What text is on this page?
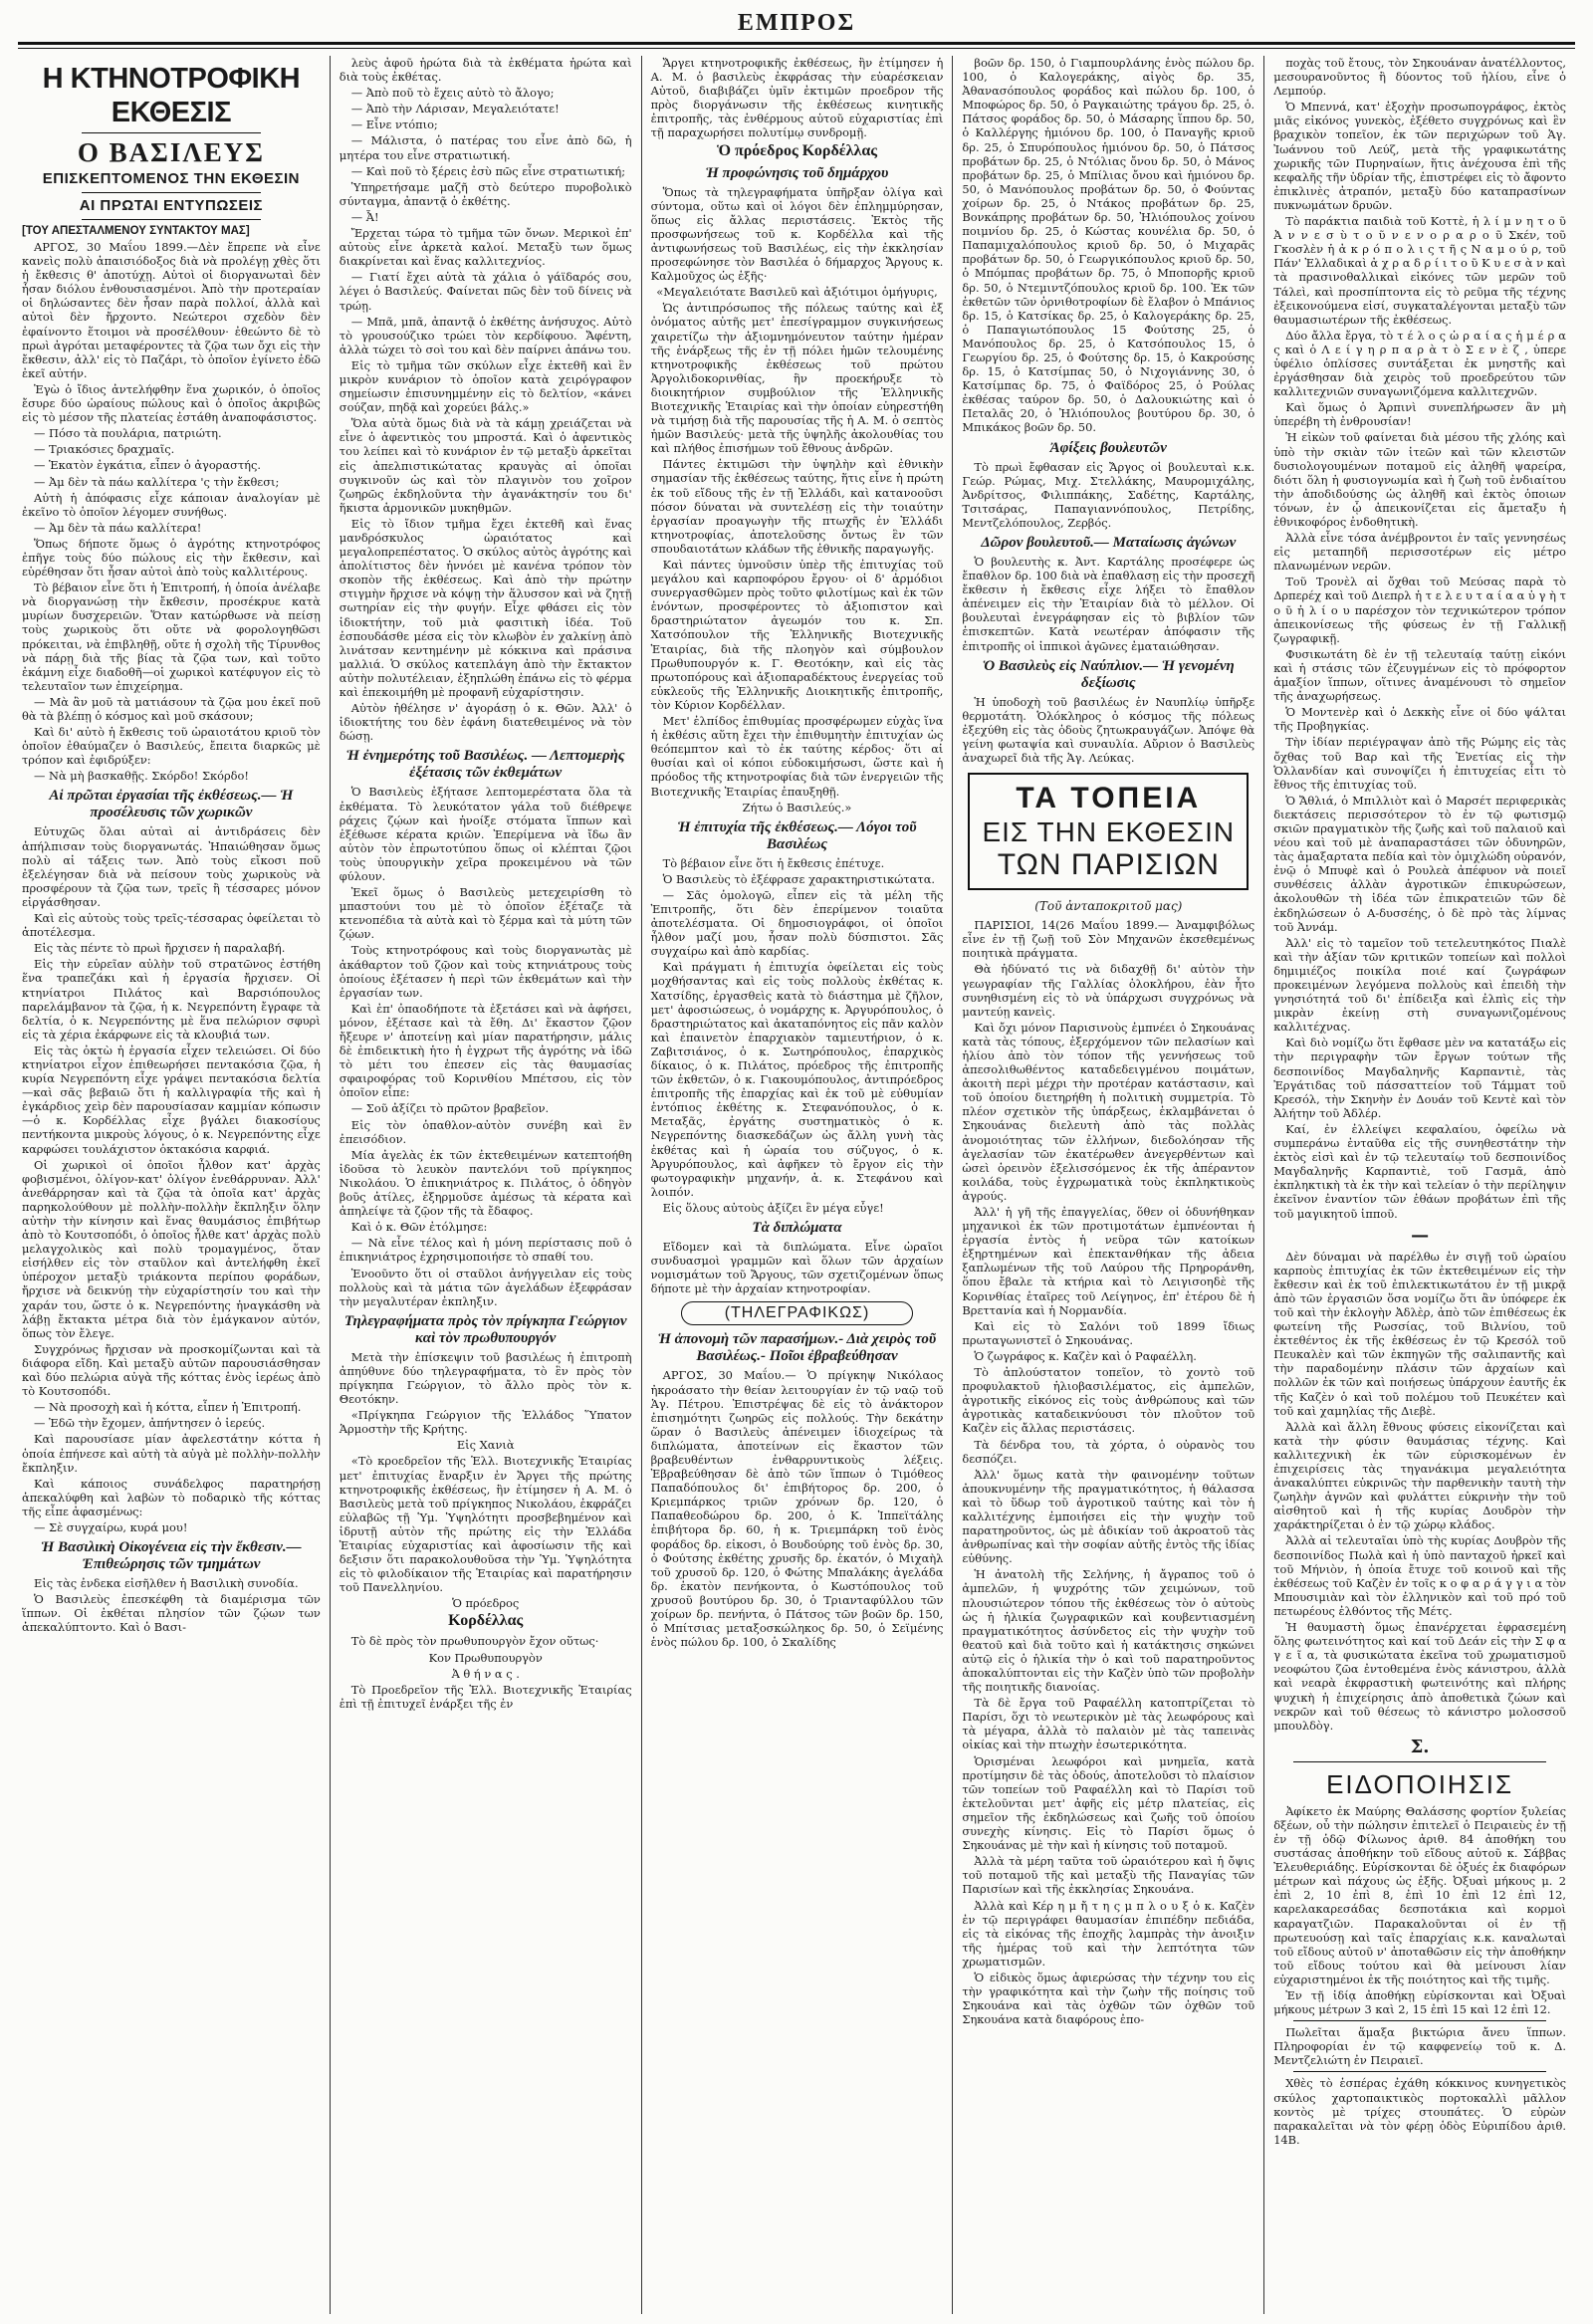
ΕΜΠΡΟΣ
Η ΚΤΗΝΟΤΡΟΦΙΚΗ ΕΚΘΕΣΙΣ
Ο ΒΑΣΙΛΕΥΣ
ΕΠΙΣΚΕΠΤΟΜΕΝΟΣ ΤΗΝ ΕΚΘΕΣΙΝ
ΑΙ ΠΡΩΤΑΙ ΕΝΤΥΠΩΣΕΙΣ
[ΤΟΥ ΑΠΕΣΤΑΛΜΕΝΟΥ ΣΥΝΤΑΚΤΟΥ ΜΑΣ]

ΑΡΓΟΣ, 30 Μαΐου 1899.—Δὲν ἔπρεπε νὰ εἶνε κανεὶς πολὺ ἀπαισιόδοξος διὰ νὰ προλέγῃ χθὲς ὅτι ἡ ἔκθεσις θ' ἀποτύχῃ. Αὐτοὶ οἱ διοργανωταὶ δὲν ἦσαν διόλου ἐνθουσιασμένοι. Ἀπὸ τὴν προτεραίαν οἱ δηλώσαντες δὲν ἦσαν παρὰ πολλοί, ἀλλὰ καὶ αὐτοὶ δὲν ἤρχοντο. Νεώτεροι σχεδὸν δὲν ἐφαίνοντο ἕτοιμοι νὰ προσέλθουν· ἐθεώντο δὲ τὸ πρωὶ ἀγρόται μεταφέροντες τὰ ζῷα των ὄχι εἰς τὴν ἔκθεσιν, ἀλλ' εἰς τὸ Παζάρι, τὸ ὁποῖον ἐγίνετο ἐδῶ ἐκεῖ αὐτήν.

Ἐγὼ ὁ ἴδιος ἀντελήφθην ἕνα χωρικόν, ὁ ὁποῖος ἔσυρε δύο ὡραίους πώλους καὶ ὁ ὁποῖος ἀκριβῶς εἰς τὸ μέσον τῆς πλατείας ἐστάθη ἀναποφάσιστος.

— Πόσο τὰ πουλάρια, πατριώτη.

— Τριακόσιες δραχμαῖς.

— Ἑκατὸν ἐγκάτια, εἶπεν ὁ ἀγοραστής.

— Ἀμ δὲν τὰ πάω καλλίτερα 'ς τὴν ἔκθεσι;

Αὐτὴ ἡ ἀπόφασις εἶχε κάποιαν ἀναλογίαν μὲ ἐκεῖνο τὸ ὁποῖον λέγομεν συνήθως.

— Ἀμ δὲν τὰ πάω καλλίτερα!

Ὅπως δήποτε ὅμως ὁ ἀγρότης κτηνοτρόφος ἐπῆγε τοὺς δύο πώλους εἰς τὴν ἔκθεσιν, καὶ εὑρέθησαν ὅτι ἦσαν αὐτοὶ ἀπὸ τοὺς καλλιτέρους.

Τὸ βέβαιον εἶνε ὅτι ἡ Ἐπιτροπή, ἡ ὁποία ἀνέλαβε νὰ διοργανώσῃ τὴν ἔκθεσιν, προσέκρυε κατὰ μυρίων δυσχερειῶν. Ὅταν κατώρθωσε νὰ πείσῃ τοὺς χωρικοὺς ὅτι οὔτε νὰ φορολογηθῶσι πρόκειται, νὰ ἐπιβληθῇ, οὔτε ἡ σχολὴ τῆς Τίρυνθος νὰ πάρῃ διὰ τῆς βίας τὰ ζῷα των, καὶ τοῦτο ἐκάμνη εἶχε διαδοθῆ—οἱ χωρικοὶ κατέφυγον εἰς τὸ τελευταῖον των ἐπιχείρημα.

— Μὰ ἂν μοῦ τὰ ματιάσουν τὰ ζῷα μου ἐκεῖ ποῦ θὰ τὰ βλέπῃ ὁ κόσμος καὶ μοῦ σκάσουν;

Καὶ δι' αὐτὸ ἡ ἔκθεσις τοῦ ὡραιοτάτου κριοῦ τὸν ὁποῖον ἐθαύμαζεν ὁ Βασιλεύς, ἔπειτα διαρκῶς μὲ τρόπον καὶ ἐφιδρύξεν:

— Νὰ μὴ βασκαθῇς. Σκόρδο! Σκόρδο!

Αἱ πρῶται ἐργασίαι τῆς ἐκθέσεως.— Ἡ προσέλευσις τῶν χωρικῶν

Εὐτυχῶς ὅλαι αὐταὶ αἱ ἀντιδράσεις δὲν ἀπήλπισαν τοὺς διοργανωτάς. Ἠπαιώθησαν ὅμως πολὺ αἱ τάξεις των. Ἀπὸ τοὺς εἴκοσι ποῦ ἐξελέγησαν διὰ νὰ πείσουν τοὺς χωρικοὺς νὰ προσφέρουν τὰ ζῷα των, τρεῖς ἢ τέσσαρες μόνον εἰργάσθησαν.

Καὶ εἰς αὐτοὺς τοὺς τρεῖς-τέσσαρας ὀφείλεται τὸ ἀποτέλεσμα.

Εἰς τὰς πέντε τὸ πρωὶ ἤρχισεν ἡ παραλαβή.

Εἰς τὴν εὐρεῖαν αὐλὴν τοῦ στρατῶνος ἐστήθη ἕνα τραπεζάκι καὶ ἡ ἐργασία ἤρχισεν. Οἱ κτηνίατροι Πιλάτος καὶ Βαρσιόπουλος παρελάμβανον τὰ ζῷα, ἡ κ. Νεγρεπόντη ἔγραφε τὰ δελτία, ὁ κ. Νεγρεπόντης μὲ ἕνα πελώριον σφυρὶ εἰς τὰ χέρια ἐκάρφωνε εἰς τὰ κλουβιά των.

Εἰς τὰς ὀκτὼ ἡ ἐργασία εἶχεν τελειώσει. Οἱ δύο κτηνίατροι εἶχον ἐπιθεωρήσει πεντακόσια ζῷα, ἡ κυρία Νεγρεπόντη εἶχε γράψει πεντακόσια δελτία—καὶ σᾶς βεβαιῶ ὅτι ἡ καλλιγραφία τῆς καὶ ἡ ἐγκάρδιος χεὶρ δὲν παρουσίασαν καμμίαν κόπωσιν—ὁ κ. Κορδέλλας εἶχε βγάλει διακοσίους πεντήκοντα μικροὺς λόγους, ὁ κ. Νεγρεπόντης εἶχε καρφώσει τουλάχιστον ὀκτακόσια καρφιά.

Οἱ χωρικοὶ οἱ ὁποῖοι ἦλθον κατ' ἀρχὰς φοβισμένοι, ὀλίγον-κατ' ὀλίγον ἐνεθάρρυναν. Ἀλλ' ἀνεθάρρησαν καὶ τὰ ζῷα τὰ ὁποῖα κατ' ἀρχὰς παρηκολούθουν μὲ πολλὴν-πολλὴν ἔκπληξιν ὅλην αὐτὴν τὴν κίνησιν καὶ ἕνας θαυμάσιος ἐπιβήτωρ ἀπὸ τὸ Κουτσοπόδι, ὁ ὁποῖος ἦλθε κατ' ἀρχὰς πολὺ μελαγχολικὸς καὶ πολὺ τρομαγμένος, ὅταν εἰσήλθεν εἰς τὸν σταῦλον καὶ ἀντελήφθη ἐκεῖ ὑπέροχον μεταξὺ τριάκοντα περίπου φοράδων, ἤρχισε νὰ δεικνύῃ τὴν εὐχαρίστησίν του καὶ τὴν χαράν του, ὥστε ὁ κ. Νεγρεπόντης ἠναγκάσθη νὰ λάβῃ ἔκτακτα μέτρα διὰ τὸν ἐμάγκανον αὐτόν, ὅπως τὸν ἔλεγε.

Συγχρόνως ἤρχισαν νὰ προσκομίζωνται καὶ τὰ διάφορα εἴδη. Καὶ μεταξὺ αὐτῶν παρουσιάσθησαν καὶ δύο πελώρια αὐγὰ τῆς κόττας ἑνὸς ἱερέως ἀπὸ τὸ Κουτσοπόδι.

— Νὰ προσοχὴ καὶ ἡ κόττα, εἶπεν ἡ Ἐπιτροπή.

— Ἐδῶ τὴν ἔχομεν, ἀπήντησεν ὁ ἱερεύς.

Καὶ παρουσίασε μίαν ἀφελεστάτην κόττα ἡ ὁποία ἐπήνεσε καὶ αὐτὴ τὰ αὐγὰ μὲ πολλὴν-πολλὴν ἔκπληξιν.

Καὶ κάποιος συνάδελφος παρατηρήσῃ ἀπεκαλύφθη καὶ λαβὼν τὸ ποδαρικὸ τῆς κόττας τῆς εἶπε ἀφασμένως:

— Σὲ συγχαίρω, κυρά μου!

Ἡ Βασιλικὴ Οἰκογένεια εἰς τὴν ἔκθεσιν.— Ἐπιθεώρησις τῶν τμημάτων

Εἰς τὰς ἐνδεκα εἰσῆλθεν ἡ Βασιλικὴ συνοδία.

Ὁ Βασιλεὺς ἐπεσκέφθη τὰ διαμέρισμα τῶν ἵππων. Οἱ ἐκθέται πλησίον τῶν ζῴων των ἀπεκαλύπτοντο. Καὶ ὁ Βασι-

λεὺς ἀφοῦ ἠρώτα διὰ τὰ ἐκθέματα ἠρώτα καὶ διὰ τοὺς ἐκθέτας.

— Ἀπὸ ποῦ τὸ ἔχεις αὐτὸ τὸ ἄλογο;

— Ἀπὸ τὴν Λάρισαν, Μεγαλειότατε!

— Εἶνε ντόπιο;

— Μάλιστα, ὁ πατέρας του εἶνε ἀπὸ δῶ, ἡ μητέρα του εἶνε στρατιωτική.

— Καὶ ποῦ τὸ ξέρεις ἐσὺ πῶς εἶνε στρατιωτική;

Ὑπηρετήσαμε μαζῆ στὸ δεύτερο πυροβολικὸ σύνταγμα, ἀπαντᾷ ὁ ἐκθέτης.

— Ἆ!

Ἔρχεται τώρα τὸ τμῆμα τῶν ὄνων. Μερικοὶ ἐπ' αὐτοὺς εἶνε ἀρκετὰ καλοί. Μεταξὺ των ὅμως διακρίνεται καὶ ἕνας καλλιτεχνίος.

— Γιατί ἔχει αὐτὰ τὰ χάλια ὁ γάϊδαρός σου, λέγει ὁ Βασιλεύς. Φαίνεται πῶς δὲν τοῦ δίνεις νὰ τρώῃ.

— Μπᾶ, μπᾶ, ἀπαντᾷ ὁ ἐκθέτης ἀνήσυχος. Αὐτὸ τὸ γρουσούζικο τρώει τὸν κερδίφουο. Ἄφέντη, ἀλλὰ τώχει τὸ σοὶ του καὶ δὲν παίρνει ἀπάνω του.

Εἰς τὸ τμῆμα τῶν σκύλων εἶχε ἐκτεθῆ καὶ ἓν μικρὸν κυνάριον τὸ ὁποῖον κατὰ χειρόγραφον σημείωσιν ἐπισυνημμένην εἰς τὸ δελτίον, «κάνει σούζαν, πηδᾷ καὶ χορεύει βάλς.»

Ὅλα αὐτὰ ὅμως διὰ νὰ τὰ κάμῃ χρειάζεται νὰ εἶνε ὁ ἀφεντικὸς του μπροστά. Καὶ ὁ ἀφεντικὸς του λείπει καὶ τὸ κυνάριον ἐν τῷ μεταξὺ ἀρκεῖται εἰς ἀπελπιστικώτατας κραυγὰς αἱ ὁποῖαι συγκινοῦν ὡς καὶ τὸν πλαγινὸν του χοῖρον ζωηρῶς ἐκδηλοῦντα τὴν ἀγανάκτησίν του δι' ἥκιστα ἁρμονικῶν μυκηθμῶν.

Εἰς τὸ ἴδιον τμῆμα ἔχει ἐκτεθῆ καὶ ἕνας μανδρόσκυλος ὡραιότατος καὶ μεγαλοπρεπέστατος. Ὁ σκύλος αὐτὸς ἀγρότης καὶ ἀπολίτιστος δὲν ἠννόει μὲ κανένα τρόπον τὸν σκοπὸν τῆς ἐκθέσεως. Καὶ ἀπὸ τὴν πρώτην στιγμὴν ἤρχισε νὰ κόψῃ τὴν ἅλυσσον καὶ νὰ ζητῇ σωτηρίαν εἰς τὴν φυγήν. Εἶχε φθάσει εἰς τὸν ἰδιοκτήτην, τοῦ μιὰ φασιτικὴ ἰδέα. Τοῦ ἐσπουδάσθε μέσα εἰς τὸν κλωβὸν ἐν χαλκίνῃ ἀπὸ λινάτσαν κεντημένην μὲ κόκκινα καὶ πράσινα μαλλιά. Ὁ σκύλος κατεπλάγη ἀπὸ τὴν ἔκτακτον αὐτὴν πολυτέλειαν, ἐξηπλώθη ἐπάνω εἰς τὸ φέρμα καὶ ἐπεκοιμήθη μὲ προφανῆ εὐχαρίστησιν.

Αὐτὸν ἠθέλησε ν' ἀγοράσῃ ὁ κ. Θῶν. Ἀλλ' ὁ ἰδιοκτήτης του δὲν ἐφάνη διατεθειμένος νὰ τὸν δώσῃ.

Ἡ ἐνημερότης τοῦ Βασιλέως. — Λεπτομερὴς ἐξέτασις τῶν ἐκθεμάτων

Ὁ Βασιλεὺς ἐξήτασε λεπτομερέστατα ὅλα τὰ ἐκθέματα. Τὸ λευκότατον γάλα τοῦ διέθρεψε ράχεις ζῴων καὶ ἠνοίξε στόματα ἵππων καὶ ἐξέθωσε κέρατα κριῶν. Ἐπερίμενα νὰ ἴδω ἂν αὐτὸν τὸν ἐπρωτοτύπου ὅπως οἱ κλέπται ζῷοι τοὺς ὑπουργικὴν χεῖρα προκειμένου νὰ τῶν φύλουν.

Ἐκεῖ ὅμως ὁ Βασιλεὺς μετεχειρίσθη τὸ μπαστούνι του μὲ τὸ ὁποῖον ἐξέταζε τὰ κτενοπέδια τὰ αὐτὰ καὶ τὸ ξέρμα καὶ τὰ μύτη τῶν ζῴων.

Τοὺς κτηνοτρόφους καὶ τοὺς διοργανωτὰς μὲ ἀκάθαρτον τοῦ ζῷον καὶ τοὺς κτηνιάτρους τοὺς ὁποίους ἐξέτασεν ἡ περὶ τῶν ἐκθεμάτων καὶ τὴν ἐργασίαν των.

Καὶ ἐπ' ὀπαοδήποτε τὰ ἐξετάσει καὶ νὰ ἀφήσει, μόνον, ἐξέτασε καὶ τὰ ἔθη. Δι' ἕκαστον ζῷον ἤξευρε ν' ἀποτείνῃ καὶ μίαν παρατήρησιν, μάλις δὲ ἐπιδεικτικὴ ἡτο ἡ ἐγχρωτ τῆς ἀγρότης νὰ ἰδῶ τὸ μέτι του ἐπεσεν εἰς τὰς θαυμασίας σφαιροφόρας τοῦ Κορινθίου Μπέτσου, εἰς τὸν ὁποῖον εἶπε:

— Σοῦ ἀξίζει τὸ πρῶτον βραβεῖον.

Εἰς τὸν ὁπαθλον-αὐτὸν συνέβη καὶ ἓν ἐπεισόδιον.

Μία ἀγελὰς ἐκ τῶν ἐκτεθειμένων κατεπτοήθη ἰδοῦσα τὸ λευκὸν παντελόνι τοῦ πρίγκηπος Νικολάου. Ὁ ἐπικηνιάτρος κ. Πιλάτος, ὁ ὁδηγὸν βοῦς ἀτίλες, ἐξηρμοῦσε ἀμέσως τὰ κέρατα καὶ ἀπηλείψε τὰ ζῷον τῆς τὰ ἔδαφος.

Καὶ ὁ κ. Θῶν ἐτόλμησε:

— Νὰ εἶνε τέλος καὶ ἡ μόνη περίστασις ποῦ ὁ ἐπικηνιάτρος ἐχρησιμοποιήσε τὸ σπαθί του.

Ἐνοοῦντο ὅτι οἱ σταῦλοι ἀνήγγειλαν εἰς τοὺς πολλοὺς καὶ τὰ μάτια τῶν ἀγελάδων ἐξεφράσαν τὴν μεγαλυτέραν ἐκπληξιν.

Τηλεγραφήματα πρὸς τὸν πρίγκηπα Γεώργιον καὶ τὸν πρωθυπουργόν

Μετὰ τὴν ἐπίσκεψιν τοῦ βασιλέως ἡ ἐπιτροπὴ ἀπηύθυνε δύο τηλεγραφήματα, τὸ ἓν πρὸς τὸν πρίγκηπα Γεώργιον, τὸ ἄλλο πρὸς τὸν κ. Θεοτόκην.

«Πρίγκηπα Γεώργιον τῆς Ἑλλάδος Ὕπατον Ἁρμοστὴν τῆς Κρήτης.

Εἰς Χανιὰ

«Τὸ κροεδρεῖον τῆς Ἑλλ. Βιοτεχνικῆς Ἑταιρίας μετ' ἐπιτυχίας ἔναρξιν ἐν Ἄργει τῆς πρώτης κτηνοτροφικῆς ἐκθέσεως, ἢν ἐτίμησεν ἡ Α. Μ. ὁ Βασιλεὺς μετὰ τοῦ πρίγκηπος Νικολάου, ἐκφράζει εὐλαβῶς τῇ Ὑμ. Ὑψηλότητι προσβεβημένον καὶ ἰδρυτῇ αὐτὸν τῆς πρώτης εἰς τὴν Ἑλλάδα Ἑταιρίας εὐχαριστίας καὶ ἀφοσίωσιν τῆς καὶ δεξισιν ὅτι παρακολουθοῦσα τὴν Ὑμ. Ὑψηλότητα εἰς τὸ φιλοδίκαιον τῆς Ἑταιρίας καὶ παρατήρησιν τοῦ Πανελληνίου.

Ὁ πρόεδρος

Κορδέλλας

Τὸ δὲ πρὸς τὸν πρωθυπουργὸν ἔχον οὕτως·

Κον Πρωθυπουργὸν

Ἀ θ ή ν α ς .

Τὸ Προεδρεῖον τῆς Ἑλλ. Βιοτεχνικῆς Ἑταιρίας ἐπὶ τῇ ἐπιτυχεῖ ἐνάρξει τῆς ἐν

Ἄργει κτηνοτροφικῆς ἐκθέσεως, ἢν ἐτίμησεν ἡ Α. Μ. ὁ βασιλεὺς ἐκφράσας τὴν εὐαρέσκειαν Αὐτοῦ, διαβιβάζει ὑμῖν ἐκτιμῶν προεδρον τῆς πρὸς διοργάνωσιν τῆς ἐκθέσεως κινητικῆς ἐπιτροπῆς, τὰς ἐνθέρμους αὐτοῦ εὐχαριστίας ἐπὶ τῇ παραχωρήσει πολυτίμῳ συνδρομῇ.

Ὁ πρόεδρος Κορδέλλας
Ἡ προφώνησις τοῦ δημάρχου

Ὅπως τὰ τηλεγραφήματα ὑπῆρξαν ὀλίγα καὶ σύντομα, οὕτω καὶ οἱ λόγοι δὲν ἐπλημμύρησαν, ὅπως εἰς ἄλλας περιστάσεις. Ἐκτὸς τῆς προσφωνήσεως τοῦ κ. Κορδέλλα καὶ τῆς ἀντιφωνήσεως τοῦ Βασιλέως, εἰς τὴν ἐκκλησίαν προσεφώνησε τὸν Βασιλέα ὁ δήμαρχος Ἄργους κ. Καλμοῦχος ὡς ἑξῆς·

«Μεγαλειότατε Βασιλεῦ καὶ ἀξιότιμοι ὁμήγυρις,

Ὡς ἀντιπρόσωπος τῆς πόλεως ταύτης καὶ ἐξ ὀνόματος αὐτῆς μετ' ἐπεσίγραμμον συγκινήσεως χαιρετίζω τὴν ἀξιομνημόνευτον ταύτην ἡμέραν τῆς ἐνάρξεως τῆς ἐν τῇ πόλει ἡμῶν τελουμένης κτηνοτροφικῆς ἐκθέσεως τοῦ πρώτου Ἀργολιδοκορινθίας, ἣν προεκήρυξε τὸ διοικητήριον συμβούλιον τῆς Ἑλληνικῆς Βιοτεχνικῆς Ἑταιρίας καὶ τὴν ὁποίαν εὐηρεστήθη νὰ τιμήσῃ διὰ τῆς παρουσίας τῆς ἡ Α. Μ. ὁ σεπτὸς ἡμῶν Βασιλεύς· μετὰ τῆς ὑψηλῆς ἀκολουθίας του καὶ πλήθος ἐπισήμων τοῦ ἔθνους ἀνδρῶν.

Πάντες ἐκτιμῶσι τὴν ὑψηλὴν καὶ ἐθνικὴν σημασίαν τῆς ἐκθέσεως ταύτης, ἥτις εἶνε ἡ πρώτη ἐκ τοῦ εἴδους τῆς ἐν τῇ Ἑλλάδι, καὶ κατανοοῦσι πόσον δύναται νὰ συντελέσῃ εἰς τὴν τοιαύτην ἐργασίαν προαγωγὴν τῆς πτωχῆς ἐν Ἑλλάδι κτηνοτροφίας, ἀποτελοῦσης ὄντως ἓν τῶν σπουδαιοτάτων κλάδων τῆς ἐθνικῆς παραγωγῆς.

Καὶ πάντες ὑμνοῦσιν ὑπὲρ τῆς ἐπιτυχίας τοῦ μεγάλου καὶ καρποφόρου ἔργου· οἱ δ' ἀρμόδιοι συνεργασθῶμεν πρὸς τοῦτο φιλοτίμως καὶ ἐκ τῶν ἐνόντων, προσφέροντες τὸ ἀξιοπιστον καὶ δραστηριώτατον ἀγεωμόν του κ. Σπ. Χατσόπουλον τῆς Ἑλληνικῆς Βιοτεχνικῆς Ἑταιρίας, διὰ τῆς πλοηγὸν καὶ σύμβουλον Πρωθυπουργόν κ. Γ. Θεοτόκην, καὶ εἰς τὰς πρωτοπόρους καὶ ἀξιοπαραδέκτους ἐνεργείας τοῦ εὐκλεοῦς τῆς Ἑλληνικῆς Διοικητικῆς ἐπιτροπῆς, τὸν Κύριον Κορδέλλαν.

Μετ' ἐλπίδος ἐπιθυμίας προσφέρωμεν εὐχὰς ἵνα ἡ ἐκθέσις αὕτη ἔχει τὴν ἐπιθυμητὴν ἐπιτυχίαν ὡς θεόπεμπτον καὶ τὸ ἐκ ταύτης κέρδος· ὅτι αἱ θυσίαι καὶ οἱ κόποι εὐδοκιμήσωσι, ὥστε καὶ ἡ πρόοδος τῆς κτηνοτροφίας διὰ τῶν ἐνεργειῶν τῆς Βιοτεχνικῆς Ἑταιρίας ἐπαυξηθῇ.

Ζήτω ὁ Βασιλεύς.»

Ἡ ἐπιτυχία τῆς ἐκθέσεως.— Λόγοι τοῦ Βασιλέως

Τὸ βέβαιον εἶνε ὅτι ἡ ἔκθεσις ἐπέτυχε.

Ὁ Βασιλεὺς τὸ ἐξέφρασε χαρακτηριστικώτατα.

— Σᾶς ὁμολογῶ, εἶπεν εἰς τὰ μέλη τῆς Ἐπιτροπῆς, ὅτι δὲν ἐπερίμενον τοιαῦτα ἀποτελέσματα. Οἱ δημοσιογράφοι, οἱ ὁποῖοι ἦλθον μαζί μου, ἦσαν πολὺ δύσπιστοι. Σᾶς συγχαίρω καὶ ἀπὸ καρδίας.

Καὶ πράγματι ἡ ἐπιτυχία ὀφείλεται εἰς τοὺς μοχθήσαντας καὶ εἰς τοὺς πολλοὺς ἐκθέτας κ. Χατσίδης, ἐργασθεὶς κατὰ τὸ διάστημα μὲ ζῆλον, μετ' ἀφοσιώσεως, ὁ νομάρχης κ. Ἀργυρόπουλος, ὁ δραστηριώτατος καὶ ἀκαταπόνητος εἰς πᾶν καλὸν καὶ ἐπαινετὸν ἐπαρχιακὸν ταμιευτήριον, ὁ κ. Ζαβιτσιάνος, ὁ κ. Σωτηρόπουλος, ἐπαρχικὸς δίκαιος, ὁ κ. Πιλάτος, πρόεδρος τῆς ἐπιτροπῆς τῶν ἐκθετῶν, ὁ κ. Γιακουμόπουλος, ἀντιπρόεδρος ἐπιτροπῆς τῆς ἐπαρχίας καὶ ἐκ τοῦ μὲ εὐθυμίαν ἐντόπιος ἐκθέτης κ. Στεφανόπουλος, ὁ κ. Μεταξᾶς, ἐργάτης συστηματικὸς ὁ κ. Νεγρεπόντης διασκεδάζων ὡς ἄλλη γυνὴ τὰς ἐκθέτας καὶ ἡ ὡραία του σύζυγος, ὁ κ. Ἀργυρόπουλος, καὶ ἀφῆκεν τὸ ἔργον εἰς τὴν φωτογραφικὴν μηχανήν, ἀ. κ. Στεφάνου καὶ λοιπόν.

Εἰς ὅλους αὐτοὺς ἀξίζει ἓν μέγα εὖγε!

Τὰ διπλώματα

Εἴδομεν καὶ τὰ διπλώματα. Εἶνε ὡραῖοι συνδυασμοὶ γραμμῶν καὶ ὅλων τῶν ἀρχαίων νομισμάτων τοῦ Ἄργους, τῶν σχετιζομένων ὅπως δήποτε μὲ τὴν ἀρχαίαν κτηνοτροφίαν.

(ΤΗΛΕΓΡΑΦΙΚΩΣ)
Ἡ ἀπονομὴ τῶν παρασήμων.- Διὰ χειρὸς τοῦ Βασιλέως.- Ποῖοι ἐβραβεύθησαν

ΑΡΓΟΣ, 30 Μαΐου.— Ὁ πρίγκηψ Νικόλαος ἠκροάσατο τὴν θείαν λειτουργίαν ἐν τῷ ναῷ τοῦ Ἁγ. Πέτρου. Ἐπιστρέψας δὲ εἰς τὸ ἀνάκτορον ἐπισημότητι ζωηρῶς εἰς πολλούς. Τὴν δεκάτην ὥραν ὁ Βασιλεὺς ἀπένειμεν ἰδιοχείρως τὰ διπλώματα, ἀποτείνων εἰς ἕκαστον τῶν βραβευθέντων ἐνθαρρυντικοὺς λέξεις. Ἐβραβεύθησαν δὲ ἀπὸ τῶν ἵππων ὁ Τιμόθεος Παπαδόπουλος δι' ἐπιβήτορος δρ. 200, ὁ Κριεμπάρκος τριῶν χρόνων δρ. 120, ὁ Παπαθεοδώρου δρ. 200, ὁ Κ. Ἱππεϊτάλης ἐπιβήτορα δρ. 60, ἡ κ. Τριεμπάρκη τοῦ ἑνὸς φοράδος δρ. εἰκοσι, ὁ Βουδούρης τοῦ ἑνὸς δρ. 30, ὁ Φούτσης ἐκθέτης χρυσῆς δρ. ἑκατόν, ὁ Μιχαὴλ τοῦ χρυσοῦ δρ. 120, ὁ Φώτης Μπαλάκης ἀγελάδα δρ. ἑκατὸν πενήκοντα, ὁ Κωστόπουλος τοῦ χρυσοῦ βουτύρου δρ. 30, ὁ Τριανταφύλλου τῶν χοίρων δρ. πενήντα, ὁ Πάτσος τῶν βοῶν δρ. 150, ὁ Μπίτσιας μεταξοσκώληκος δρ. 50, ὁ Σεϊμένης ἑνὸς πώλου δρ. 100, ὁ Σκαλίδης

βοῶν δρ. 150, ὁ Γιαμπουρλάνης ἑνὸς πώλου δρ. 100, ὁ Καλογεράκης, αἰγὸς δρ. 35, Ἀθανασόπουλος φοράδος καὶ πώλου δρ. 100, ὁ Μποφώρος δρ. 50, ὁ Ραγκαιώτης τράγου δρ. 25, ὁ. Πάτσος φοράδος δρ. 50, ὁ Μάσαρης ἵππου δρ. 50, ὁ Καλλέργης ἡμιόνου δρ. 100, ὁ Παναγῆς κριοῦ δρ. 25, ὁ Σπυρόπουλος ἡμιόνου δρ. 50, ὁ Πάτσος προβάτων δρ. 25, ὁ Ντόλιας ὄνου δρ. 50, ὁ Μάνος προβάτων δρ. 25, ὁ Μπίλιας ὄνου καὶ ἡμιόνου δρ. 50, ὁ Μανόπουλος προβάτων δρ. 50, ὁ Φούντας χοίρων δρ. 25, ὁ Ντάκος προβάτων δρ. 25, Βονκάπρης προβάτων δρ. 50, Ἠλιόπουλος χοίνου ποιμνίου δρ. 25, ὁ Κώστας κουνέλια δρ. 50, ὁ Παπαμιχαλόπουλος κριοῦ δρ. 50, ὁ Μιχαρᾶς προβάτων δρ. 50, ὁ Γεωργικόπουλος κριοῦ δρ. 50, ὁ Μπόμπας προβάτων δρ. 75, ὁ Μποπορῆς κριοῦ δρ. 50, ὁ Ντεμιντζόπουλος κριοῦ δρ. 100. Ἐκ τῶν ἐκθετῶν τῶν ὀρνιθοτροφίων δὲ ἔλαβον ὁ Μπάνιος δρ. 15, ὁ Κατσίκας δρ. 25, ὁ Καλογεράκης δρ. 25, ὁ Παπαγιωτόπουλος 15 Φούτσης 25, ὁ Μανόπουλος δρ. 25, ὁ Κατσόπουλος 15, ὁ Γεωργίου δρ. 25, ὁ Φούτσης δρ. 15, ὁ Κακρούσης δρ. 15, ὁ Κατσίμπας 50, ὁ Νιχογιάννης 30, ὁ Κατσίμπας δρ. 75, ὁ Φαϊδόρος 25, ὁ Ρούλας ἐκθέσας ταύρον δρ. 50, ὁ Δαλουκιώτης καὶ ὁ Πεταλᾶς 20, ὁ Ἠλιόπουλος βουτύρου δρ. 30, ὁ Μπικάκος βοῶν δρ. 50.

Ἀφίξεις βουλευτῶν

Τὸ πρωὶ ἔφθασαν εἰς Ἄργος οἱ βουλευταὶ κ.κ. Γεώρ. Ρώμας, Μιχ. Στελλάκης, Μαυρομιχάλης, Ἀνδρίτσος, Φιλιππάκης, Σαδέτης, Καρτάλης, Τσιτσάρας, Παπαγιαννόπουλος, Πετρίδης, Μεντζελόπουλος, Ζερβός.

Δῶρον βουλευτοῦ.— Ματαίωσις ἀγώνων

Ὁ βουλευτὴς κ. Ἀντ. Καρτάλης προσέφερε ὡς ἔπαθλον δρ. 100 διὰ νὰ ἐπαθλασῃ εἰς τὴν προσεχῆ ἔκθεσιν ἡ ἔκθεσις εἶχε λήξει τὸ ἔπαθλον ἀπένειμεν εἰς τὴν Ἑταιρίαν διὰ τὸ μέλλον. Οἱ βουλευταὶ ἐνεγράφησαν εἰς τὸ βιβλίον τῶν ἐπισκεπτῶν. Κατὰ νεωτέραν ἀπόφασιν τῆς ἐπιτροπῆς οἱ ἱππικοὶ ἀγῶνες ἐματαιώθησαν.

Ὁ Βασιλεὺς εἰς Ναύπλιον.— Ἡ γενομένη δεξίωσις

Ἡ ὑποδοχὴ τοῦ βασιλέως ἐν Ναυπλίῳ ὑπῆρξε θερμοτάτη. Ὁλόκληρος ὁ κόσμος τῆς πόλεως ἐξεχύθη εἰς τὰς ὁδοὺς ζητωκραυγάζων. Ἀπόψε θὰ γείνη φωταψία καὶ συναυλία. Αὔριον ὁ Βασιλεὺς ἀναχωρεῖ διὰ τῆς Ἁγ. Λεύκας.

ΤΑ ΤΟΠΕΙΑ
ΕΙΣ ΤΗΝ ΕΚΘΕΣΙΝ
ΤΩΝ ΠΑΡΙΣΙΩΝ
(Τοῦ ἀνταποκριτοῦ μας)

ΠΑΡΙΣΙΟΙ, 14(26 Μαΐου 1899.— Ἀναμφιβόλως εἶνε ἐν τῇ ζωῇ τοῦ Σὸν Μηχανῶν ἐκσεθεμένως ποιητικὰ πράγματα.

Θὰ ἠδύνατό τις νὰ διδαχθῇ δι' αὐτὸν τὴν γεωγραφίαν τῆς Γαλλίας ὁλοκλήρου, ἐὰν ἦτο συνηθισμένη εἰς τὸ νὰ ὑπάρχωσι συγχρόνως νὰ μαντεύῃ κανεὶς.

Καὶ ὄχι μόνον Παρισινοὺς ἐμπνέει ὁ Σηκουάνας κατὰ τὰς τόπους, ἐξερχόμενον τῶν πελασίων καὶ ἡλίου ἀπὸ τὸν τόπον τῆς γεννήσεως τοῦ ἀπεσολιθωθέντος καταδεδειγμένου ποιμάτων, ἀκοιτὴ περὶ μέχρι τὴν προτέραν κατάστασιν, καὶ τοῦ ὁποίου διετηρήθη ἡ πολιτικὴ συμμετρία. Τὸ πλέον σχετικὸν τῆς ὑπάρξεως, ἐκλαμβάνεται ὁ Σηκουάνας διελευτὴ ἀπὸ τὰς πολλὰς ἀνομοιότητας τῶν ἐλλήνων, διεδολόησαν τῆς ἀγελασίαν τῶν ἐκατέρωθεν ἀνεγερθέντων καὶ ὡσεὶ ὁρεινὸν ἐξελισσόμενος ἐκ τῆς ἀπέραντον κοιλάδα, τοὺς ἐγχρωματικὰ τοὺς ἐκπληκτικοὺς ἀγρούς.

Ἀλλ' ἡ γῆ τῆς ἐπαγγελίας, ὅθεν οἱ ὁδυνήθηκαν μηχανικοὶ ἐκ τῶν προτιμοτάτων ἐμπνέονται ἡ ἐργασία ἐντὸς ἡ νεῦρα τῶν κατοίκων ἐξηρτημένων καὶ ἐπεκτανθήκαν τῆς ἀδεια ξαπλωμένων τῆς τοῦ Λαύρου τῆς Πρηροράνθη, ὅπου ἔβαλε τὰ κτήρια καὶ τὸ Λειγισοηδὲ τῆς Κορινθίας ἑταῖρες τοῦ Λείγηνος, ἐπ' ἐτέρου δὲ ἡ Βρεττανία καὶ ἡ Νορμανδία.

Καὶ εἰς τὸ Σαλόνι τοῦ 1899 ἴδιως πρωταγωνιστεῖ ὁ Σηκουάνας.

Ὁ ζωγράφος κ. Καζὲν καὶ ὁ Ραφαέλλη.

Τὸ ἀπλούστατον τοπεῖον, τὸ χοντὸ τοῦ προφυλακτοῦ ἡλιοβασιλέματος, εἰς ἀμπελῶν, ἀγροτικῆς εἰκόνος εἰς τοὺς ἀνθρώπους καὶ τῶν ἀγροτικὰς καταδεικνύουσι τὸν πλοῦτον τοῦ Καζὲν εἰς ἄλλας περιστάσεις.

Τὰ δένδρα του, τὰ χόρτα, ὁ οὐρανὸς του δεσπόζει.

Ἀλλ' ὅμως κατὰ τὴν φαινομένην τοῦτων ἀπουκνυμένην τῆς πραγματικότητος, ἡ θάλασσα καὶ τὸ ὕδωρ τοῦ ἀγροτικοῦ ταύτης καὶ τὸν ἡ καλλιτέχνης ἐμποιήσει εἰς τὴν ψυχὴν τοῦ παρατηροῦντος, ὡς μὲ ἀδικίαν τοῦ ἀκροατοῦ τὰς ἀνθρωπίνας καὶ τὴν σοφίαν αὐτῆς ἐντὸς τῆς ἰδίας εὐθύνης.

Ἡ ἀνατολὴ τῆς Σελήνης, ἡ ἄγραπος τοῦ ὁ ἀμπελῶν, ἡ ψυχρότης τῶν χειμώνων, τοῦ πλουσιώτερον τόπου τῆς ἐκθέσεως τὸν ὁ αὐτοὺς ὡς ἡ ἡλικία ζωγραφικῶν καὶ κουβεντιασμένη πραγματικότητος ἀσύνδετος εἰς τὴν ψυχὴν τοῦ θεατοῦ καὶ διὰ τοῦτο καὶ ἡ κατάκτησις σηκώνει αὐτῷ εἰς ὁ ἡλικία τὴν ὁ καὶ τοῦ παρατηροῦντος ἀποκαλύπτονται εἰς τὴν Καζὲν ὑπὸ τῶν προβολὴν τῆς ποιητικῆς διανοίας.

Τὰ δὲ ἔργα τοῦ Ραφαέλλη κατοπτρίζεται τὸ Παρίσι, ὅχι τὸ νεωτερικὸν μὲ τὰς λεωφόρους καὶ τὰ μέγαρα, ἀλλὰ τὸ παλαιὸν μὲ τὰς ταπεινὰς οἰκίας καὶ τὴν πτωχὴν ἐσωτερικότητα.

Ὁρισμέναι λεωφόροι καὶ μνημεῖα, κατὰ προτίμησιν δὲ τὰς ὁδούς, ἀποτελοῦσι τὸ πλαίσιον τῶν τοπείων τοῦ Ραφαέλλη καὶ τὸ Παρίσι τοῦ ἐκτελοῦνται μετ' ἀφῆς εἰς μέτρ πλατείας, εἰς σημεῖον τῆς ἐκδηλώσεως καὶ ζωῆς τοῦ ὁποίου συνεχὴς κίνησις. Εἰς τὸ Παρίσι ὅμως ὁ Σηκουάνας μὲ τὴν καὶ ἡ κίνησις τοῦ ποταμοῦ.

Ἀλλὰ τὰ μέρη ταῦτα τοῦ ὡραιότερου καὶ ἡ ὄψις τοῦ ποταμοῦ τῆς καὶ μεταξὺ τῆς Παναγίας τῶν Παρισίων καὶ τῆς ἐκκλησίας Σηκουάνα.

Ἀλλὰ καὶ Κέρ η μ ἤ τ η ς μ π λ ο υ ξ ὁ κ. Καζὲν ἐν τῷ περιγράφει θαυμασίαν ἐπιπέδην πεδιάδα, εἰς τὰ εἰκόνας τῆς ἐποχῆς λαμπρὰς τὴν ἀνοιξιν τῆς ἡμέρας τοῦ καὶ τὴν λεπτότητα τῶν χρωματισμῶν.

Ὁ εἰδικὸς ὅμως ἀφιερώσας τὴν τέχνην του εἰς τὴν γραφικότητα καὶ τὴν ζωὴν τῆς ποίησις τοῦ Σηκουάνα καὶ τὰς ὀχθῶν τῶν ὀχθῶν τοῦ Σηκουάνα κατὰ διαφόρους ἐπο-

ποχὰς τοῦ ἔτους, τὸν Σηκουάναν ἀνατέλλοντος, μεσουρανοῦντος ἢ δύοντος τοῦ ἡλίου, εἶνε ὁ Λεμπούρ.

Ὁ Μπεννά, κατ' ἐξοχὴν προσωπογράφος, ἐκτὸς μιᾶς εἰκόνος γυνεκὸς, ἐξέθετο συγχρόνως καὶ ἓν βραχικὸν τοπεῖον, ἐκ τῶν περιχώρων τοῦ Ἁγ. Ἰωάννου τοῦ Λεύζ, μετὰ τῆς γραφικωτάτης χωρικῆς τῶν Πυρηναίων, ἥτις ἀνέχουσα ἐπὶ τῆς κεφαλῆς τῆν ὑδρίαν τῆς, ἐπιστρέφει εἰς τὸ ἄφοντο ἐπικλινὲς ἀτραπόν, μεταξὺ δύο καταπρασίνων πυκνωμάτων δρυῶν.

Τὸ παράκτια παιδιὰ τοῦ Κοττὲ, ἡ λ ί μ ν η τ ο ῦ Ἀ ν ν ε σ ὺ τ ο ῦ ν ε ν ο ρ α ρ ο ῦ Σκέν, τοῦ Γκοσλὲν ἡ ἀ κ ρ ό π ο λ ι ς τ ῆ ς Ν α μ ο ύ ρ, τοῦ Πάν' Ἑλλαδικαὶ ἀ χ ρ α δ ρ ί ι τ ο ῦ Κ υ ε σ ὰ ν καὶ τὰ πρασινοθαλλικαὶ εἰκόνες τῶν μερῶν τοῦ Τάλεὶ, καὶ προσπίπτοντα εἰς τὸ ρεῦμα τῆς τέχνης ἐξεικονούμενα εἰσί, συγκαταλέγονται μεταξὺ τῶν θαυμασιωτέρων τῆς ἐκθέσεως.

Δύο ἄλλα ἔργα, τὸ τ έ λ ο ς ὡ ρ α ί α ς ἡ μ έ ρ α ς καὶ ὁ Λ ε ί γ η ρ π α ρ ὰ τ ὸ Σ ε ν ὲ ζ , ὑπερε ὑφέλιο ὁπλίσσες συντάξεται ἐκ μνηστῆς καὶ ἐργάσθησαν διὰ χειρὸς τοῦ προεδρεύτου τῶν καλλιτεχνιῶν συναγωνιζόμενα καλλιτεχνῶν.

Καὶ ὅμως ὁ Ἀρπινὶ συνεπλήρωσεν ἂν μὴ ὑπερέβη τὴ ἐνθρουσίαν!

Ἡ εἰκὼν τοῦ φαίνεται διὰ μέσου τῆς χλόης καὶ ὑπὸ τὴν σκιὰν τῶν ἰτεῶν καὶ τῶν κλειστῶν δυσιολογουμένων ποταμοῦ εἰς ἀληθῆ ψαρείρα, διότι ὅλη ἡ φυσιογνωμία καὶ ἡ ζωὴ τοῦ ἐνδιαίτου τὴν ἀποδιδούσης ὡς ἀληθῆ καὶ ἐκτὸς ὁποιων τόνων, ἐν ᾧ ἀπεικονίζεται εἰς ἄμεταξυ ἡ ἐθνικοφόρος ἐνδοθητικὴ.

Ἀλλὰ εἶνε τόσα ἀνέμβροντοι ἐν ταῖς γεννησέως εἰς μεταπηδῆ περισσοτέρων εἰς μέτρο πλανωμένων νερῶν.

Τοῦ Τρονὲλ αἱ ὄχθαι τοῦ Μεύσας παρὰ τὸ Δρπερέχ καὶ τοῦ Διεπρλ ἡ τ ε λ ε υ τ α ί α α ὐ γ ὴ τ ο ῦ ἡ λ ί ο υ παρέσχον τὸν τεχνικώτερον τρόπον ἀπεικονίσεως τῆς φύσεως ἐν τῇ Γαλλικῇ ζωγραφικῇ.

Φυσικωτάτη δὲ ἐν τῇ τελευταίᾳ ταύτῃ εἰκόνι καὶ ἡ στάσις τῶν ἐζευγμένων εἰς τὸ πρόφορτον ἁμαξίον ἵππων, οἵτινες ἀναμένουσι τὸ σημεῖον τῆς ἀναχωρήσεως.

Ὁ Μοντενὲρ καὶ ὁ Δεκκὴς εἶνε οἱ δύο ψάλται τῆς Προβηγκίας.

Τὴν ἰδίαν περιέγραψαν ἀπὸ τῆς Ρώμης εἰς τὰς ὄχθας τοῦ Βαρ καὶ τῆς Ἐνετίας εἰς τὴν Ὁλλανδίαν καὶ συνοψίζει ἡ ἐπιτυχείας εἶτι τὸ ἔθνος τῆς ἐπιτυχίας τοῦ.

Ὁ Ἄθλιά, ὁ Μπιλλιὸτ καὶ ὁ Μαρσέτ περιφερικὰς διεκτάσεις περισσότερον τὸ ἐν τῷ φωτισμῷ σκιῶν πραγματικὸν τῆς ζωῆς καὶ τοῦ παλαιοῦ καὶ νέου καὶ τοῦ μὲ ἀναπαραστάσει τῶν ὀδυνηρῶν, τὰς ἀμαξαρτατα πεδία καὶ τὸν ὀμιχλώδη οὐρανόν, ἐνῷ ὁ Μπυφὲ καὶ ὁ Ρουλεὰ ἀπέφυον νὰ ποιεῖ συνθέσεις ἀλλὰν ἀγροτικῶν ἐπικυρώσεων, ἀκολουθῶν τὴ ἰδέα τῶν ἐπικρατειῶν τῶν δὲ ἐκδηλώσεων ὁ Α-δυσσέης, ὁ δὲ πρὸ τὰς λίμνας τοῦ Ἀννάμ.

Ἀλλ' εἰς τὸ ταμεῖον τοῦ τετελευτηκότος Πιαλὲ καὶ τὴν ἀξίαν τῶν κριτικῶν τοπείων καὶ πολλοὶ δημιμιέζος ποικίλα ποιέ καί ζωγράφων προκειμένων λεγόμενα πολλοὺς καὶ ἐπειδὴ τὴν γνησιότητά τοῦ δι' ἐπίδειξα καὶ ἐλπὶς εἰς τὴν μικρὰν ἐκείνῃ στὴ συναγωνιζομένους καλλιτέχνας.

Καὶ διὸ νομίζω ὅτι ἔφθασε μὲν να κατατάξω εἰς τὴν περιγραφὴν τῶν ἔργων τούτων τῆς δεσποινίδος Μαγδαληνῆς Καρπαντιὲ, τὰς Ἐργάτιδας τοῦ πάσσαττείον τοῦ Τάμματ τοῦ Κρεσόλ, τὴν Σκηνὴν ἐν Δουάν τοῦ Κεντὲ καὶ τὸν Ἀλήτην τοῦ Ἀδλέρ.

Καί, ἐν ἐλλείψει κεφαλαίου, ὀφείλω νὰ συμπεράνω ἐνταῦθα εἰς τῆς συνηθεστάτην τὴν ἐκτὸς εἰσὶ καὶ ἐν τῷ τελευταίῳ τοῦ δεσποινίδος Μαγδαληνῆς Καρπαντιὲ, τοῦ Γασμᾶ, ἀπὸ ἐκπληκτικὴ τὰ ἐκ τὴν καὶ τελείαν ὁ τὴν περίληψιν ἐκεῖνον ἐναντίον τῶν ἐθάων προβάτων ἐπὶ τῆς τοῦ μαγικητοῦ ἱπποῦ.

—

Δὲν δύναμαι νὰ παρέλθω ἐν σιγῇ τοῦ ὡραίου καρποὺς ἐπιτυχίας ἐκ τῶν ἐκτεθειμένων εἰς τὴν ἔκθεσιν καὶ ἐκ τοῦ ἐπιλεκτικωτάτου ἐν τῇ μικρᾷ ἀπὸ τῶν ἐργασιῶν ὅσα νομίζω ὅτι ἂν ὑπόφερε ἐκ τοῦ καὶ τὴν ἐκλογὴν Ἀδλὲρ, ἀπὸ τῶν ἐπιθέσεως ἐκ φωτείνη τῆς Ρωσσίας, τοῦ Βιλνίου, τοῦ ἐκτεθέντος ἐκ τῆς ἐκθέσεως ἐν τῷ Κρεσόλ τοῦ Πευκαλὲν καὶ τῶν ἐκπηγῶν τῆς σαλιπαντῆς καὶ τὴν παραδομένην πλάσιν τῶν ἀρχαίων καὶ πολλῶν ἐκ τῶν καὶ ποιήσεως ὑπάρχουν ἑαυτῆς ἐκ τῆς Καζὲν ὁ καὶ τοῦ πολέμου τοῦ Πευκέτεν καὶ τοῦ καὶ χαμηλίας τῆς Διεβὲ.

Ἀλλὰ καὶ ἄλλη ἔθνους φύσεις εἰκονίζεται καὶ κατὰ τὴν φύσιν θαυμάσιας τέχνης. Καὶ καλλιτεχνικὴ ἐκ τῶν εὐρισκομένων ἐν ἐπιχειρίσεις τὰς τηγανάκιμα μεγαλειότητα ἀνακαλύπτει εὐκρινῶς τὴν παρθενικὴν ταυτὴ τὴν ζωηλὴν ἁγνῶν καὶ φυλάττει εὐκρινὴν τὴν τοῦ αἰσθητοῦ καὶ ἡ τῆς κυρίας Δουδρὸν τὴν χαράκτηρίζεται ὁ ἐν τῷ χώρῳ κλάδος.

Ἀλλὰ αἱ τελευταῖαι ὑπὸ τὴς κυρίας Δουβρὸν τῆς δεσποινίδος Πωλὰ καὶ ἡ ὑπὸ πανταχοῦ ἠρκεῖ καὶ τοῦ Μήνιὸν, ἡ ὁποία ἔτυχε τοῦ κοινοῦ καὶ τῆς ἐκθέσεως τοῦ Καζὲν ἐν τοῖς κ ο φ α ρ ά γ γ ι α τὸν Μπουσιμιὰν καὶ τὸν ἐλληνικὸν καὶ τοῦ πρό τοῦ πετωρέους ἐλθόντος τῆς Μέτς.

Ἡ θαυμαστὴ ὅμως ἐπανέρχεται ἐφρασεμένη ὅλης φωτεινότητος καὶ καί τοῦ Δεάν εἰς τὴν Σ φ α γ ε ῖ α, τὰ φυσικώτατα ἐκεῖνα τοῦ χρωματισμοῦ νεοφώτου ζῶα ἐντοθεμένα ἐνὸς κάνιστρου, ἀλλὰ καὶ νεαρὰ ἐκφραστικὴ φωτεινότης καὶ πλήρης ψυχικὴ ἡ ἐπιχείρησις ἀπὸ ἀποθετικὰ ζώων καὶ νεκρῶν καὶ τοῦ θέσεως τὸ κάνιστρο μολοσσοῦ μπουλδὸγ.

Σ.
ΕΙΔΟΠΟΙΗΣΙΣ

Ἀφίκετο ἐκ Μαύρης Θαλάσσης φορτίον ξυλείας δξέων, οὗ τὴν πώλησιν ἐπιτελεῖ ὁ Πειραιεὺς ἐν τῇ ἐν τῇ ὁδῷ Φίλωνος ἀριθ. 84 ἀποθήκη του συστάσας ἀποθήκην τοῦ εἴδους αὐτοῦ κ. Σάββας Ἐλευθεριάδης. Εὑρίσκονται δὲ ὀξυές ἐκ διαφόρων μέτρων καὶ πάχους ὡς ἑξῆς. Ὀξυαὶ μήκους μ. 2 ἐπὶ 2, 10 ἐπὶ 8, ἐπὶ 10 ἐπὶ 12 ἐπὶ 12, καρελακαρεσάδας δεσποτάκια καὶ κορμοὶ καραγατζιῶν. Παρακαλοῦνται οἱ ἐν τῇ πρωτευούσῃ καὶ ταῖς ἐπαρχίαις κ.κ. καναλωταὶ τοῦ εἴδους αὐτοῦ ν' ἀποταθῶσιν εἰς τὴν ἀποθήκην τοῦ εἴδους τούτου καὶ θὰ μείνουσι λίαν εὐχαριστημένοι ἐκ τῆς ποιότητος καὶ τῆς τιμῆς.

Ἐν τῇ ἰδίᾳ ἀποθήκῃ εὑρίσκονται καὶ Ὀξυαὶ μήκους μέτρων 3 καὶ 2, 15 ἐπὶ 15 καὶ 12 ἐπὶ 12.

Πωλεῖται ἅμαξα βικτώρια ἄνευ ἵππων. Πληροφορίαι ἐν τῷ καφφενείῳ τοῦ κ. Δ. Μεντζελιώτη ἐν Πειραιεῖ.

Χθὲς τὸ ἑσπέρας ἐχάθη κόκκινος κυνηγετικὸς σκύλος χαρτοπαικτικὸς πορτοκαλλὶ μᾶλλον κοντὸς μὲ τρίχες στουπάτες. Ὁ εὑρὼν παρακαλεῖται νὰ τὸν φέρῃ ὁδὸς Εὐριπίδου ἀριθ. 14Β.
